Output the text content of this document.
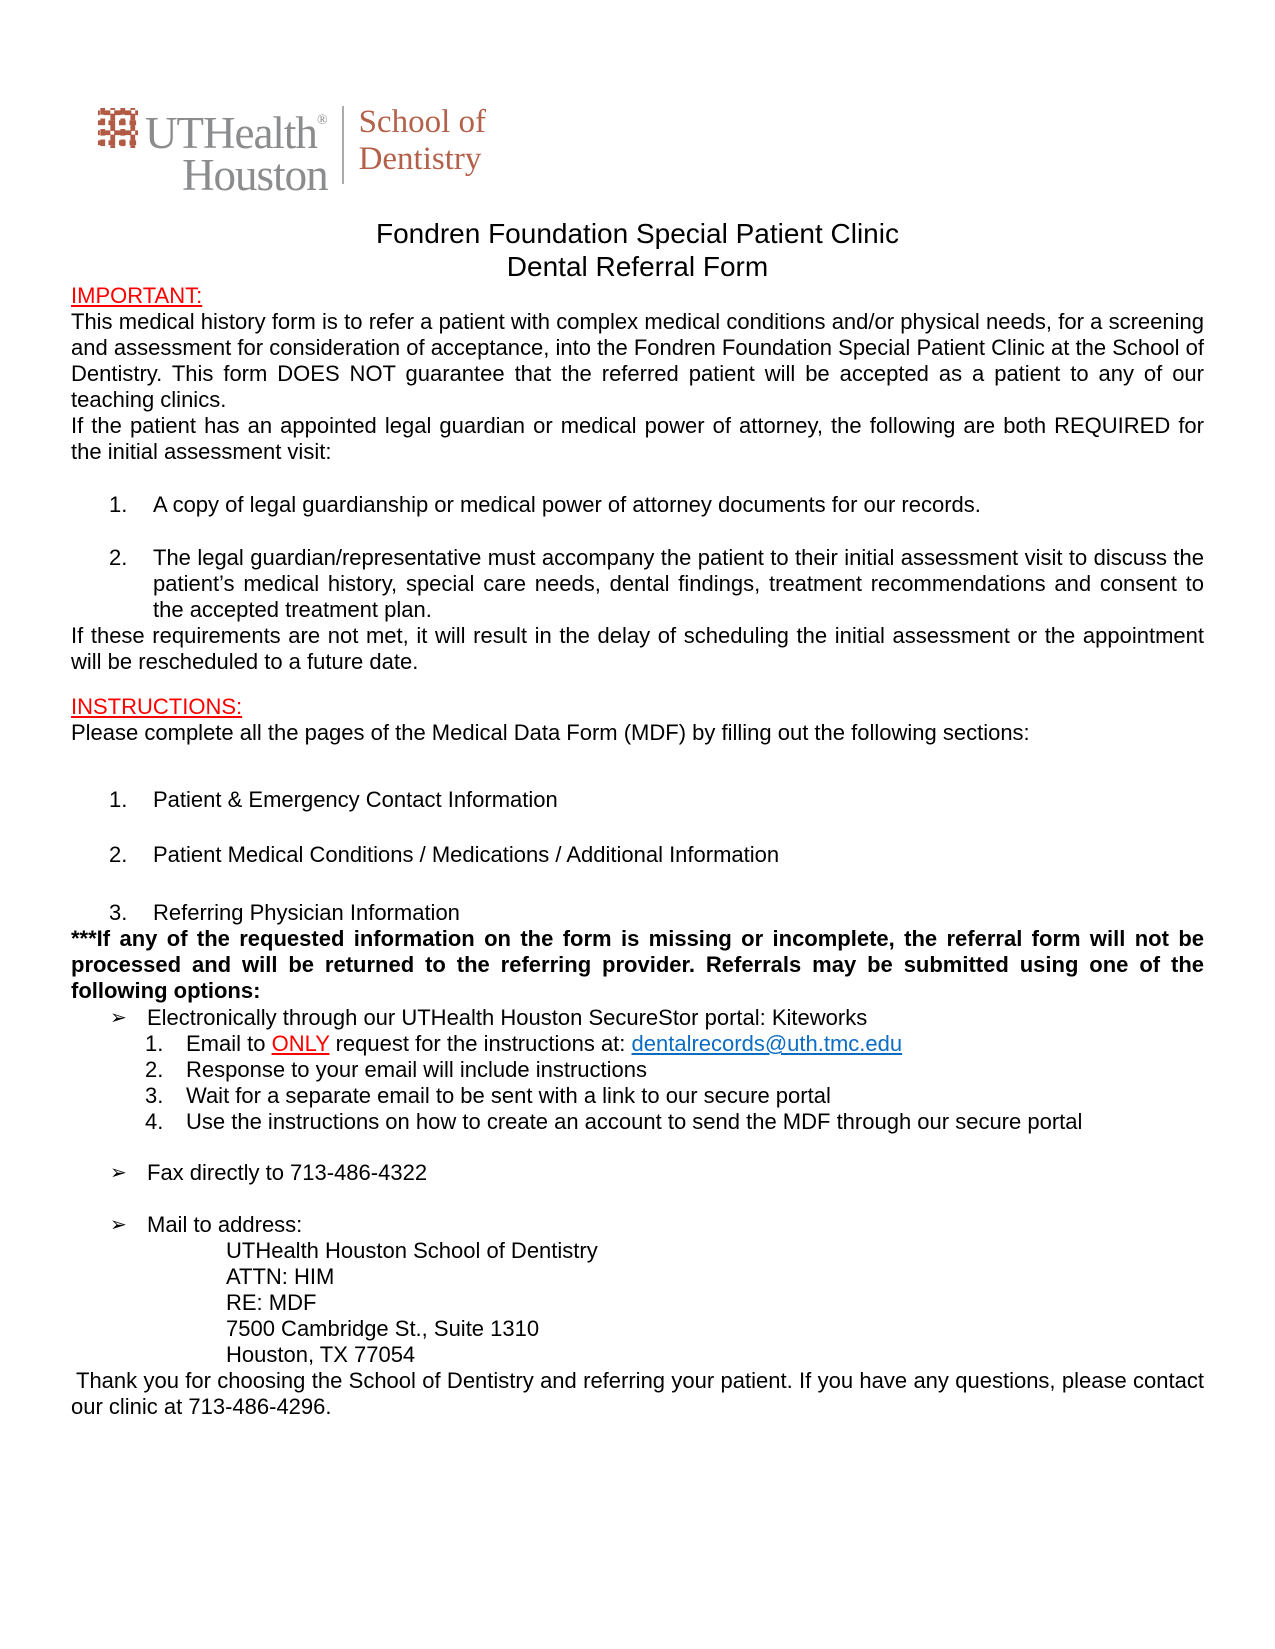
UTHealth®
Houston
School of
Dentistry
Fondren Foundation Special Patient Clinic
Dental Referral Form
IMPORTANT:

This medical history form is to refer a patient with complex medical conditions and/or physical needs, for a screening and assessment for consideration of acceptance, into the Fondren Foundation Special Patient Clinic at the School of Dentistry. This form DOES NOT guarantee that the referred patient will be accepted as a patient to any of our teaching clinics.

If the patient has an appointed legal guardian or medical power of attorney, the following are both REQUIRED for the initial assessment visit:

1. A copy of legal guardianship or medical power of attorney documents for our records.
2. The legal guardian/representative must accompany the patient to their initial assessment visit to discuss the patient’s medical history, special care needs, dental findings, treatment recommendations and consent to the accepted treatment plan.

If these requirements are not met, it will result in the delay of scheduling the initial assessment or the appointment will be rescheduled to a future date.

INSTRUCTIONS:

Please complete all the pages of the Medical Data Form (MDF) by filling out the following sections:

1. Patient & Emergency Contact Information
2. Patient Medical Conditions / Medications / Additional Information
3. Referring Physician Information

***If any of the requested information on the form is missing or incomplete, the referral form will not be processed and will be returned to the referring provider. Referrals may be submitted using one of the following options:

➢ Electronically through our UTHealth Houston SecureStor portal: Kiteworks
1. Email to ONLY request for the instructions at: dentalrecords@uth.tmc.edu
2. Response to your email will include instructions
3. Wait for a separate email to be sent with a link to our secure portal
4. Use the instructions on how to create an account to send the MDF through our secure portal
➢ Fax directly to 713-486-4322
➢ Mail to address:
UTHealth Houston School of Dentistry
ATTN: HIM
RE: MDF
7500 Cambridge St., Suite 1310
Houston, TX 77054

Thank you for choosing the School of Dentistry and referring your patient. If you have any questions, please contact our clinic at 713-486-4296.
